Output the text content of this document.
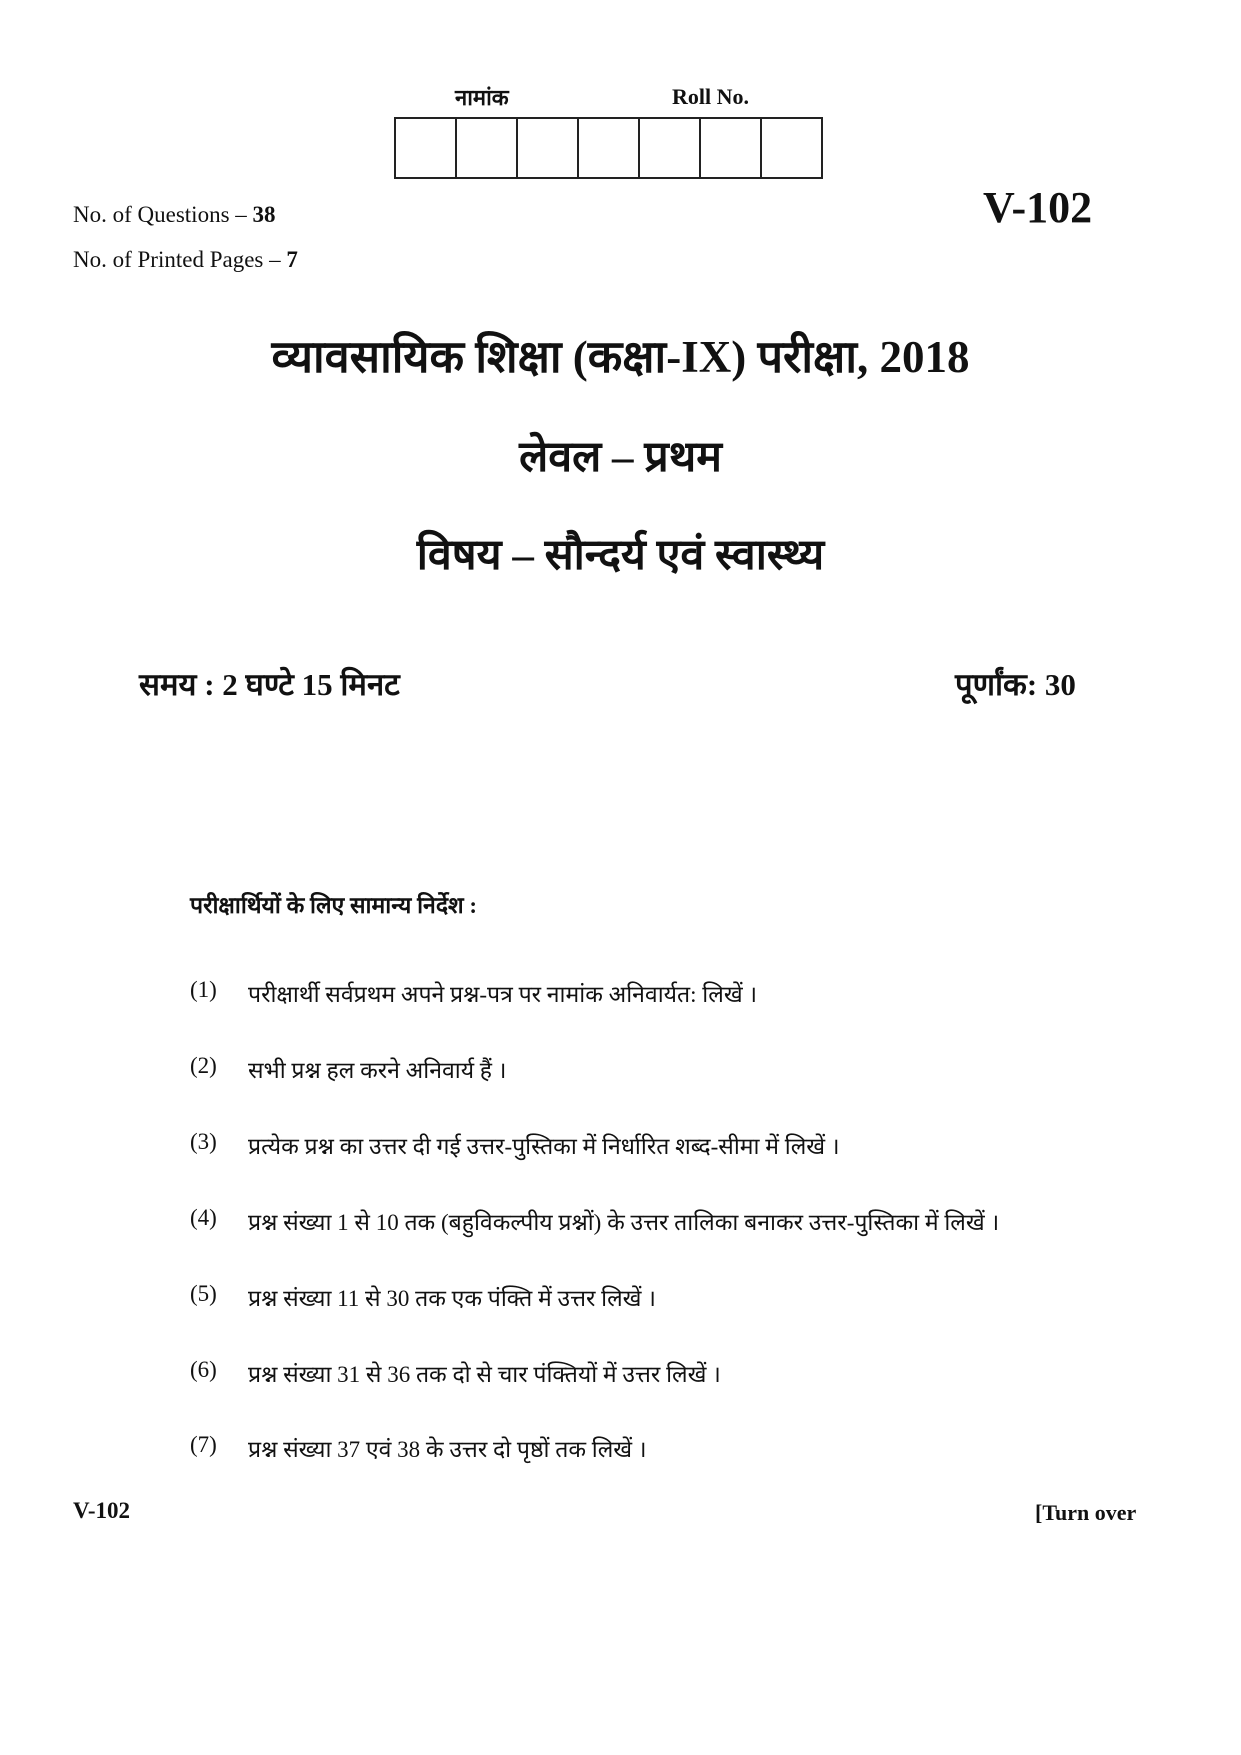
नामांक	Roll No.
No. of Questions – 38
No. of Printed Pages – 7
V-102
व्यावसायिक शिक्षा (कक्षा-IX) परीक्षा, 2018
लेवल – प्रथम
विषय – सौन्दर्य एवं स्वास्थ्य
समय : 2 घण्टे 15 मिनट	पूर्णांक: 30
परीक्षार्थियों के लिए सामान्य निर्देश :
(1)	परीक्षार्थी सर्वप्रथम अपने प्रश्न-पत्र पर नामांक अनिवार्यत: लिखें ।
(2)	सभी प्रश्न हल करने अनिवार्य हैं ।
(3)	प्रत्येक प्रश्न का उत्तर दी गई उत्तर-पुस्तिका में निर्धारित शब्द-सीमा में लिखें ।
(4)	प्रश्न संख्या 1 से 10 तक (बहुविकल्पीय प्रश्नों) के उत्तर तालिका बनाकर उत्तर-पुस्तिका में लिखें ।
(5)	प्रश्न संख्या 11 से 30 तक एक पंक्ति में उत्तर लिखें ।
(6)	प्रश्न संख्या 31 से 36 तक दो से चार पंक्तियों में उत्तर लिखें ।
(7)	प्रश्न संख्या 37 एवं 38 के उत्तर दो पृष्ठों तक लिखें ।
V-102	[Turn over
